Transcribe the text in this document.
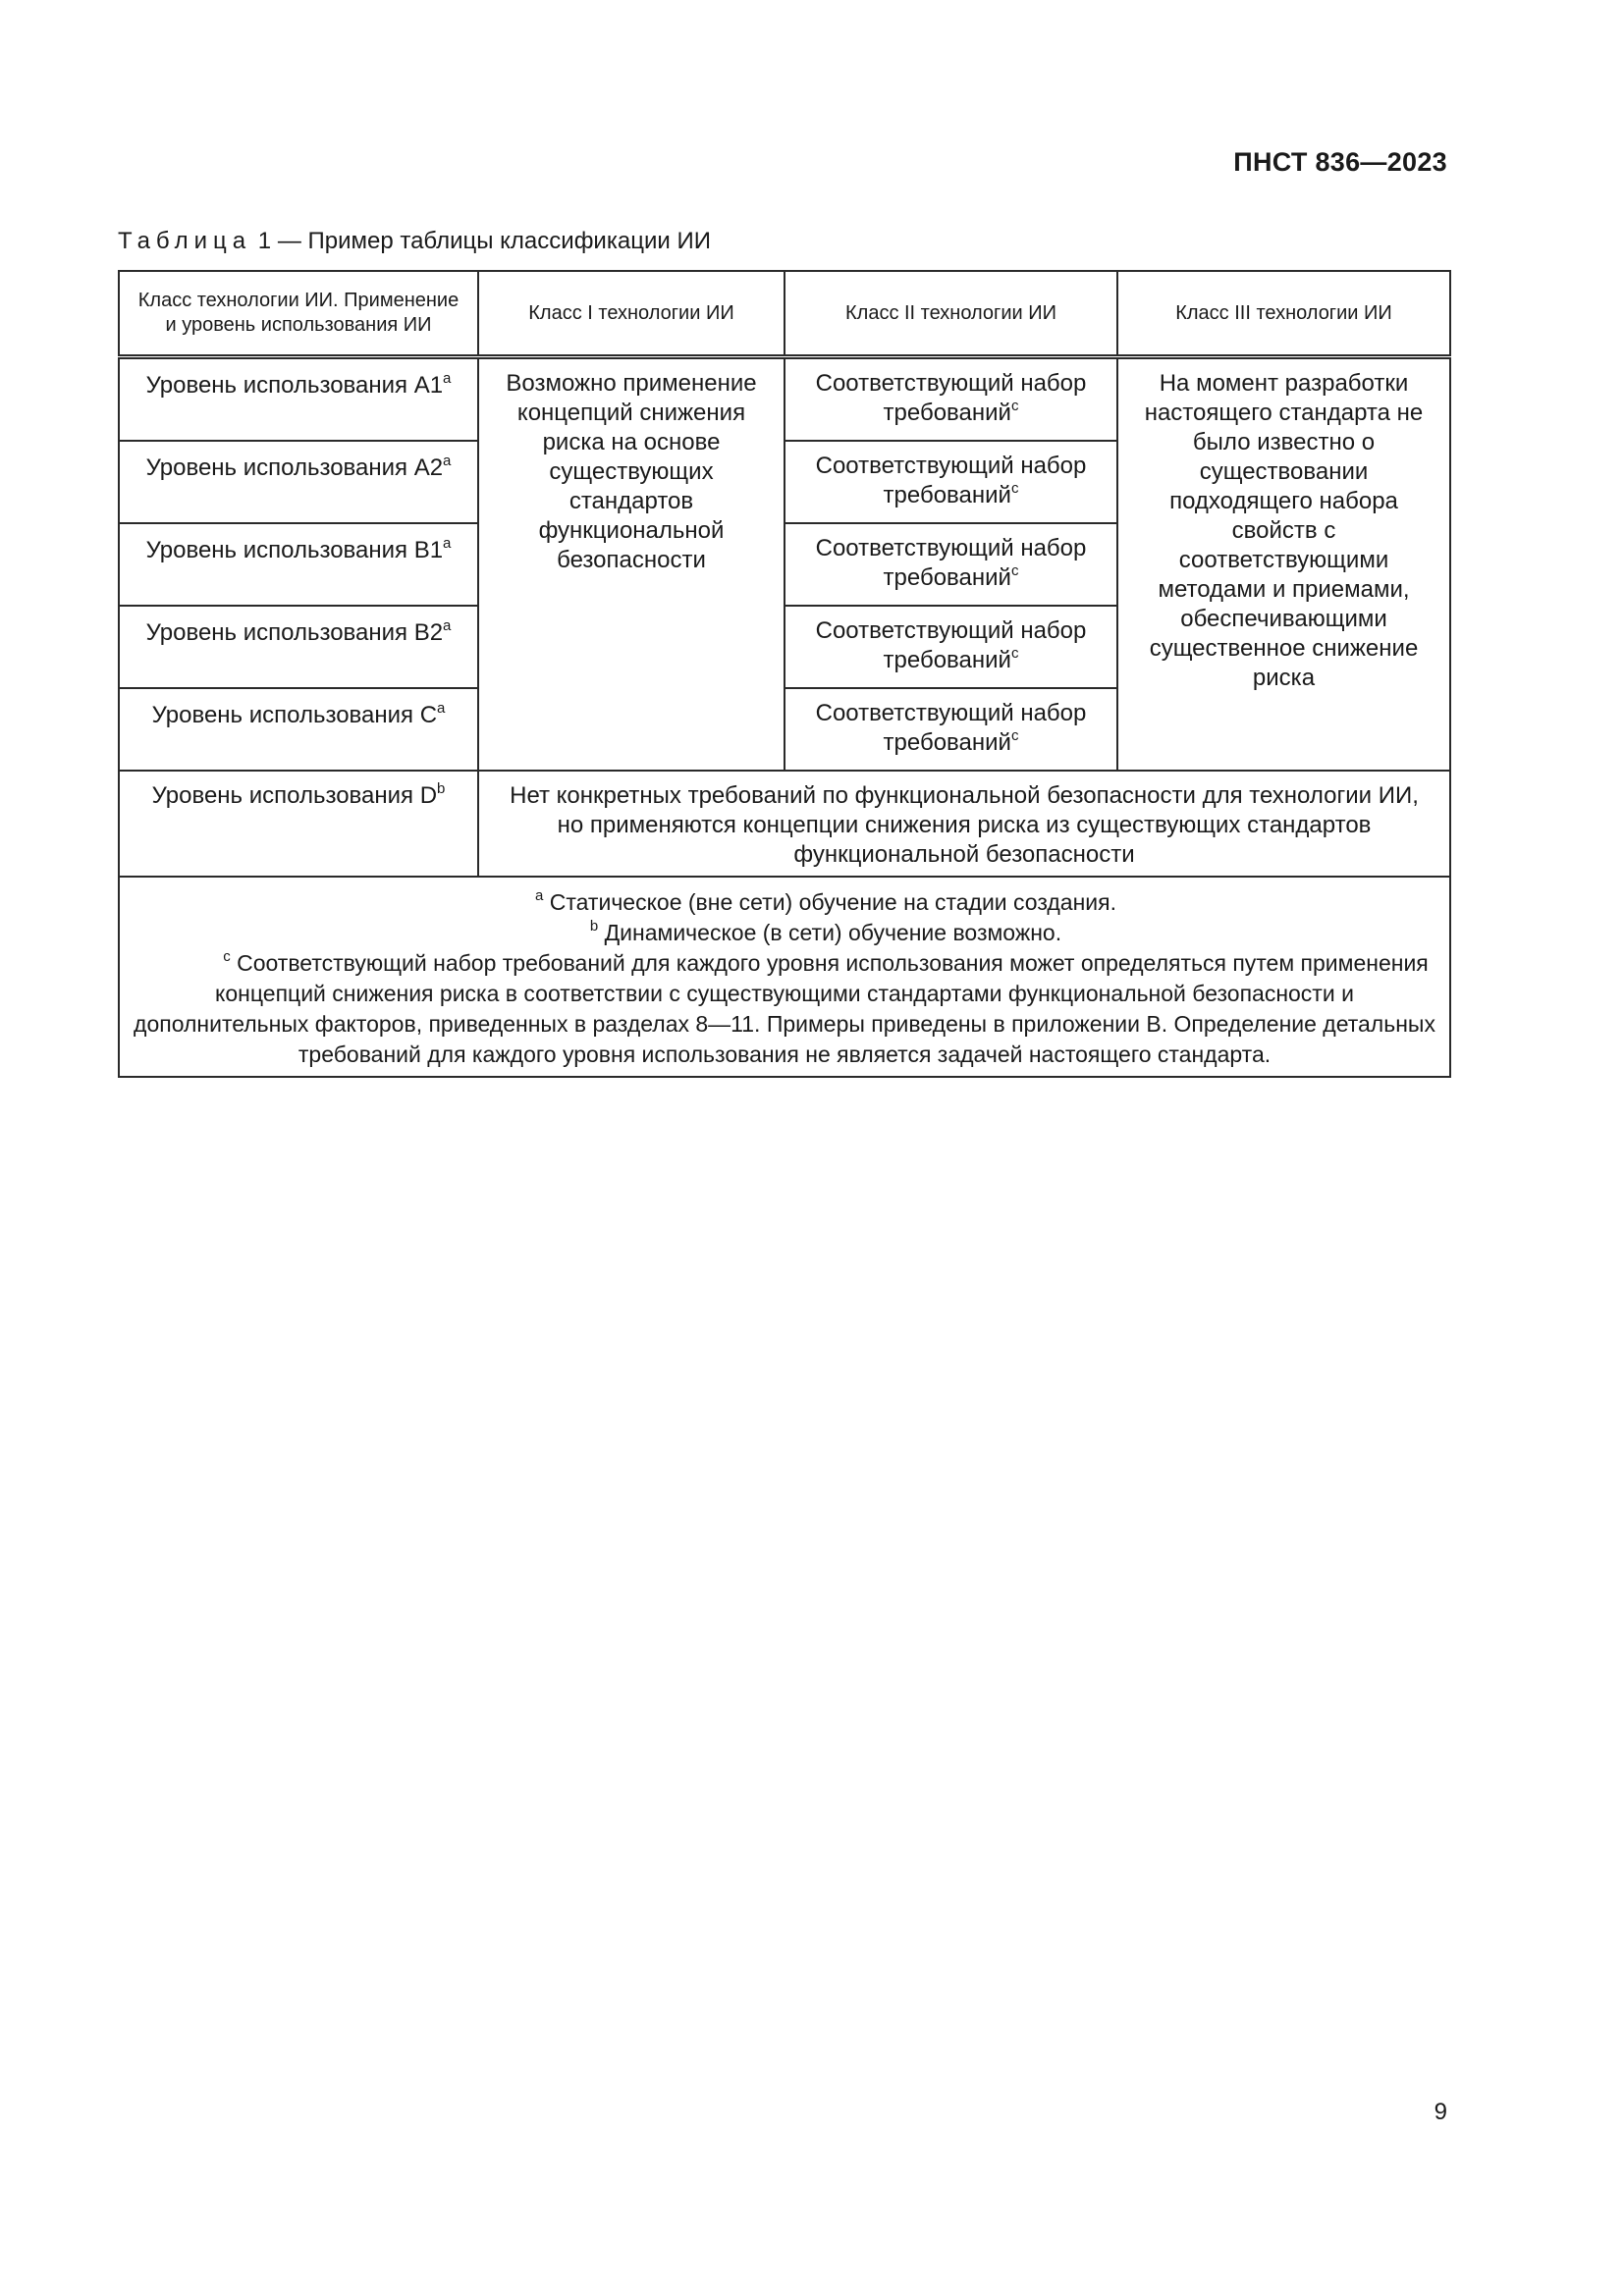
ПНСТ 836—2023
Таблица 1 — Пример таблицы классификации ИИ
Класс технологии ИИ. Применение и уровень использования ИИ	Класс I технологии ИИ	Класс II технологии ИИ	Класс III технологии ИИ
Уровень использования A1$^a$	Возможно применение концепций снижения риска на основе существующих стандартов функциональной безопасности	Соответствующий набор требований$^c$	На момент разработки настоящего стандарта не было известно о существовании подходящего набора свойств с соответствующими методами и приемами, обеспечивающими существенное снижение риска
Уровень использования A2$^a$		Соответствующий набор требований$^c$
Уровень использования B1$^a$		Соответствующий набор требований$^c$
Уровень использования B2$^a$		Соответствующий набор требований$^c$
Уровень использования $C^a$		Соответствующий набор требований$^c$
Уровень использования $D^b$	Нет конкретных требований по функциональной безопасности для технологии ИИ, но применяются концепции снижения риска из существующих стандартов функциональной безопасности		

$^a$ Статическое (вне сети) обучение на стадии создания.

$^b$ Динамическое (в сети) обучение возможно.

$^c$ Соответствующий набор требований для каждого уровня использования может определяться путем применения концепций снижения риска в соответствии с существующими стандартами функциональной безопасности и дополнительных факторов, приведенных в разделах 8—11. Примеры приведены в приложении В. Определение детальных требований для каждого уровня использования не является задачей настоящего стандарта.			

9
